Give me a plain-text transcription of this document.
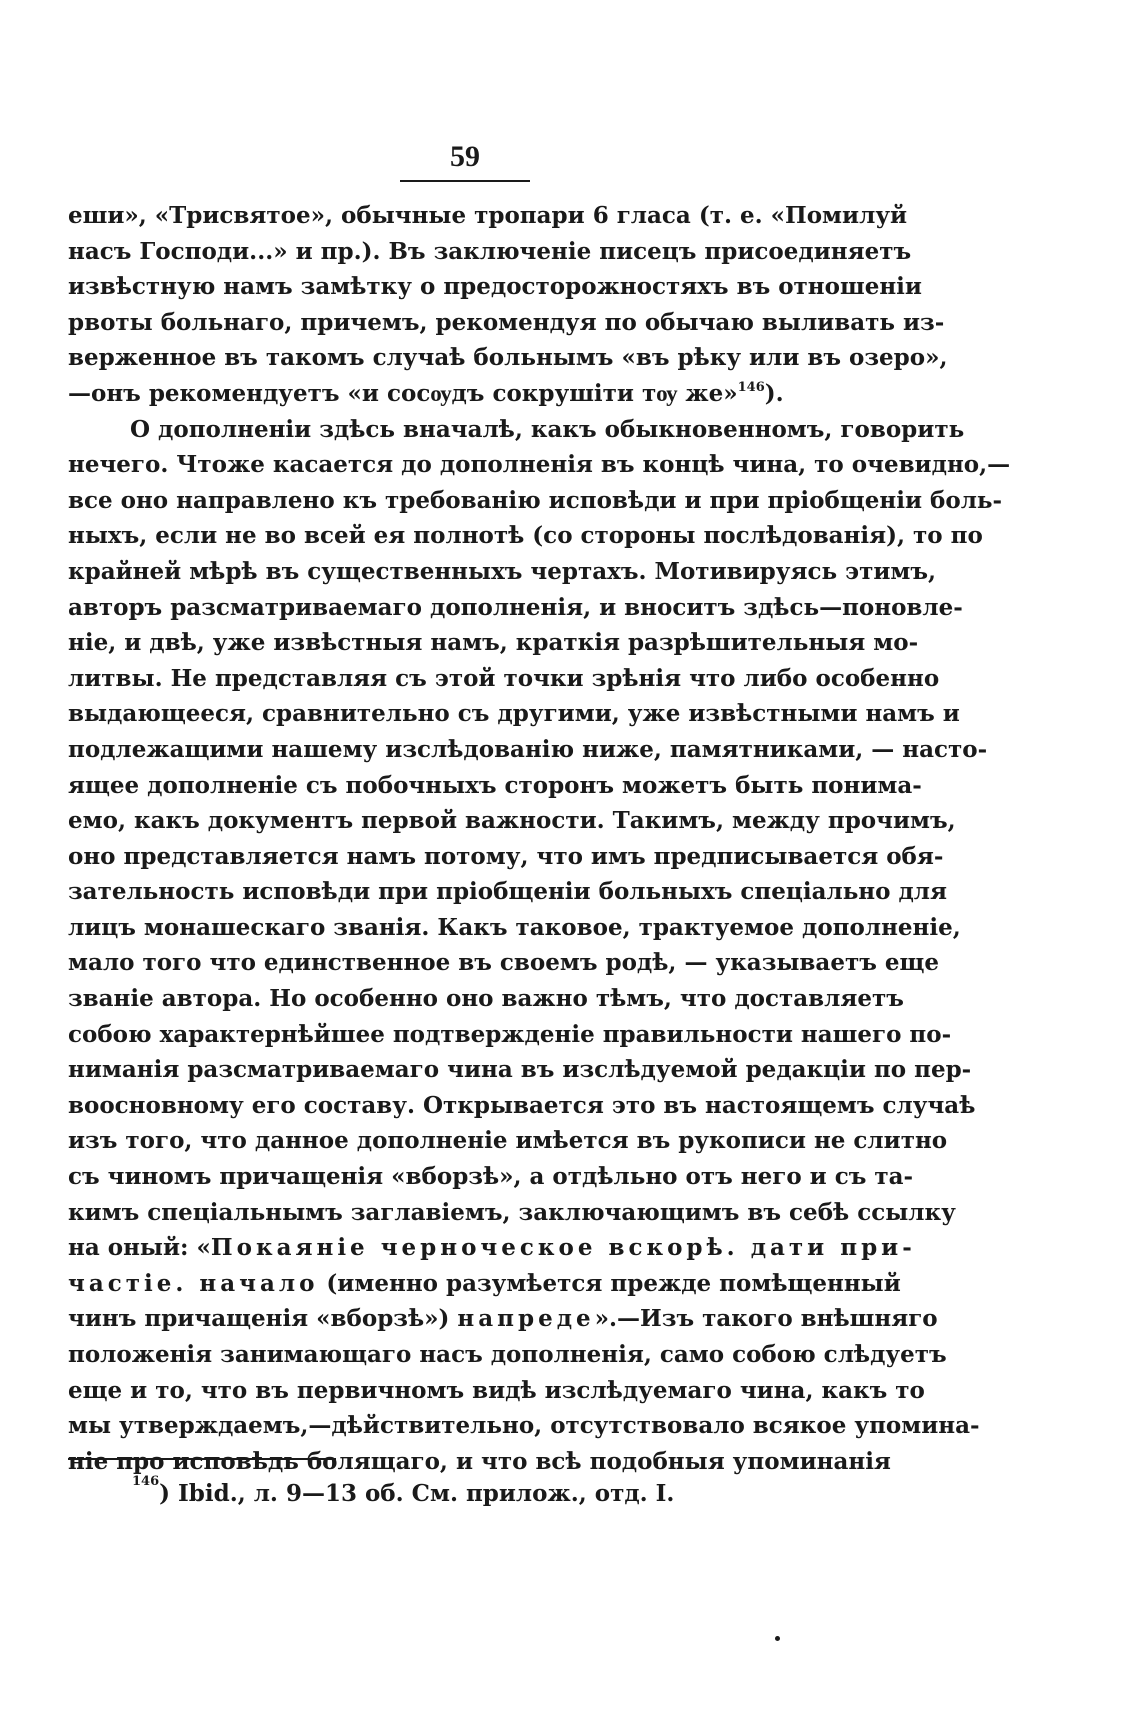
59
еши», «Трисвятое», обычные тропари 6 гласа (т. е. «Помилуй
насъ Господи...» и пр.). Въ заключеніе писецъ присоединяетъ
извѣстную намъ замѣтку о предосторожностяхъ въ отношеніи
рвоты больнаго, причемъ, рекомендуя по обычаю выливать из-
верженное въ такомъ случаѣ больнымъ «въ рѣку или въ озеро»,
—онъ рекомендуетъ «и сосѹдъ сокрушіти тѹ же»$^{146}$).
О дополненіи здѣсь вначалѣ, какъ обыкновенномъ, говорить
нечего. Чтоже касается до дополненія въ концѣ чина, то очевидно,—
все оно направлено къ требованію исповѣди и при пріобщеніи боль-
ныхъ, если не во всей ея полнотѣ (со стороны послѣдованія), то по
крайней мѣрѣ въ существенныхъ чертахъ. Мотивируясь этимъ,
авторъ разсматриваемаго дополненія, и вноситъ здѣсь—поновле-
ніе, и двѣ, уже извѣстныя намъ, краткія разрѣшительныя мо-
литвы. Не представляя съ этой точки зрѣнія что либо особенно
выдающееся, сравнительно съ другими, уже извѣстными намъ и
подлежащими нашему изслѣдованію ниже, памятниками, — насто-
ящее дополненіе съ побочныхъ сторонъ можетъ быть понима-
емо, какъ документъ первой важности. Такимъ, между прочимъ,
оно представляется намъ потому, что имъ предписывается обя-
зательность исповѣди при пріобщеніи больныхъ спеціально для
лицъ монашескаго званія. Какъ таковое, трактуемое дополненіе,
мало того что единственное въ своемъ родѣ, — указываетъ еще
званіе автора. Но особенно оно важно тѣмъ, что доставляетъ
собою характернѣйшее подтвержденіе правильности нашего по-
ниманія разсматриваемаго чина въ изслѣдуемой редакціи по пер-
воосновному его составу. Открывается это въ настоящемъ случаѣ
изъ того, что данное дополненіе имѣется въ рукописи не слитно
съ чиномъ причащенія «вборзѣ», а отдѣльно отъ него и съ та-
кимъ спеціальнымъ заглавіемъ, заключающимъ въ себѣ ссылку
на оный: «Покаяніе черноческое вскорѣ. дати при-
частіе. начало (именно разумѣется прежде помѣщенный
чинъ причащенія «вборзѣ») напреде».—Изъ такого внѣшняго
положенія занимающаго насъ дополненія, само собою слѣдуетъ
еще и то, что въ первичномъ видѣ изслѣдуемаго чина, какъ то
мы утверждаемъ,—дѣйствительно, отсутствовало всякое упомина-
ніе про исповѣдь болящаго, и что всѣ подобныя упоминанія
$^{146}$) Ibid., л. 9—13 об. См. прилож., отд. I.
